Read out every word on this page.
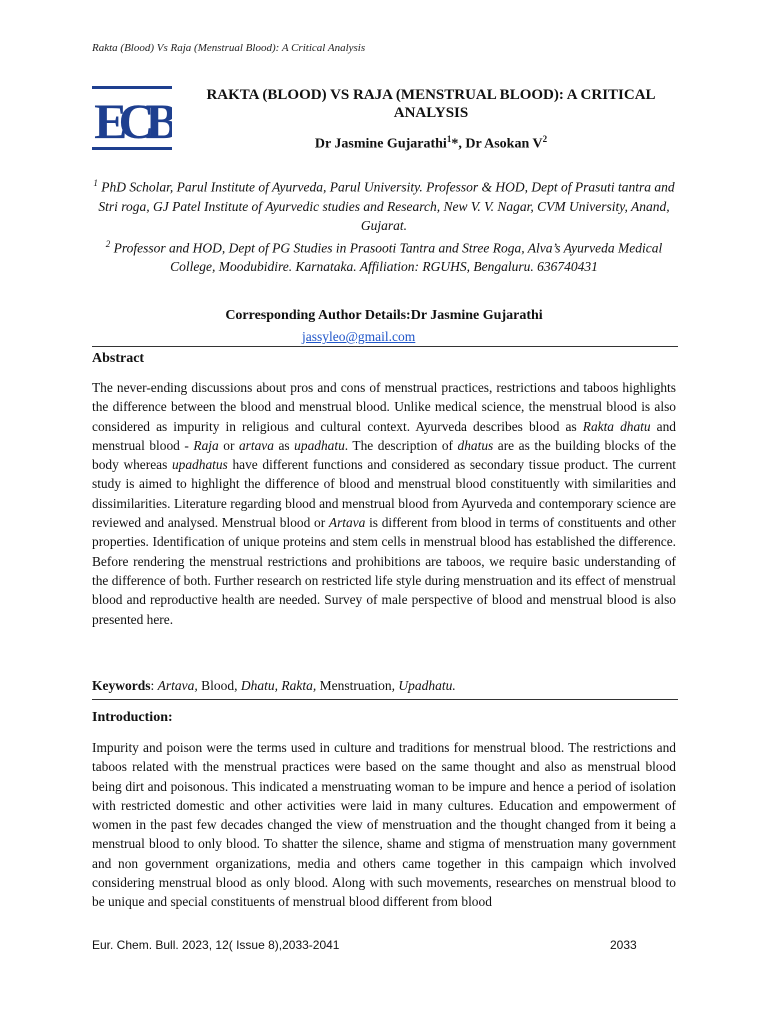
Rakta (Blood) Vs Raja (Menstrual Blood): A Critical Analysis
ECB	RAKTA (BLOOD) VS RAJA (MENSTRUAL BLOOD): A CRITICAL ANALYSIS
Dr Jasmine Gujarathi$^1$*, Dr Asokan $V^2$
$^1$ PhD Scholar, Parul Institute of Ayurveda, Parul University. Professor & HOD, Dept of Prasuti tantra and Stri roga, GJ Patel Institute of Ayurvedic studies and Research, New V. V. Nagar, CVM University, Anand, Gujarat.
$^2$ Professor and HOD, Dept of PG Studies in Prasooti Tantra and Stree Roga, Alva’s Ayurveda Medical College, Moodubidire. Karnataka. Affiliation: RGUHS, Bengaluru. 636740431
Corresponding Author Details:Dr Jasmine Gujarathi
jassyleo@gmail.com
Abstract

The never-ending discussions about pros and cons of menstrual practices, restrictions and taboos highlights the difference between the blood and menstrual blood. Unlike medical science, the menstrual blood is also considered as impurity in religious and cultural context. Ayurveda describes blood as Rakta dhatu and menstrual blood - Raja or artava as upadhatu. The description of dhatus are as the building blocks of the body whereas upadhatus have different functions and considered as secondary tissue product. The current study is aimed to highlight the difference of blood and menstrual blood constituently with similarities and dissimilarities. Literature regarding blood and menstrual blood from Ayurveda and contemporary science are reviewed and analysed. Menstrual blood or Artava is different from blood in terms of constituents and other properties. Identification of unique proteins and stem cells in menstrual blood has established the difference. Before rendering the menstrual restrictions and prohibitions are taboos, we require basic understanding of the difference of both. Further research on restricted life style during menstruation and its effect of menstrual blood and reproductive health are needed. Survey of male perspective of blood and menstrual blood is also presented here.

Keywords: Artava, Blood, Dhatu, Rakta, Menstruation, Upadhatu.
Introduction:

Impurity and poison were the terms used in culture and traditions for menstrual blood. The restrictions and taboos related with the menstrual practices were based on the same thought and also as menstrual blood being dirt and poisonous. This indicated a menstruating woman to be impure and hence a period of isolation with restricted domestic and other activities were laid in many cultures. Education and empowerment of women in the past few decades changed the view of menstruation and the thought changed from it being a menstrual blood to only blood. To shatter the silence, shame and stigma of menstruation many government and non government organizations, media and others came together in this campaign which involved considering menstrual blood as only blood. Along with such movements, researches on menstrual blood to be unique and special constituents of menstrual blood different from blood

Eur. Chem. Bull. 2023, 12( Issue 8),2033-2041	2033
